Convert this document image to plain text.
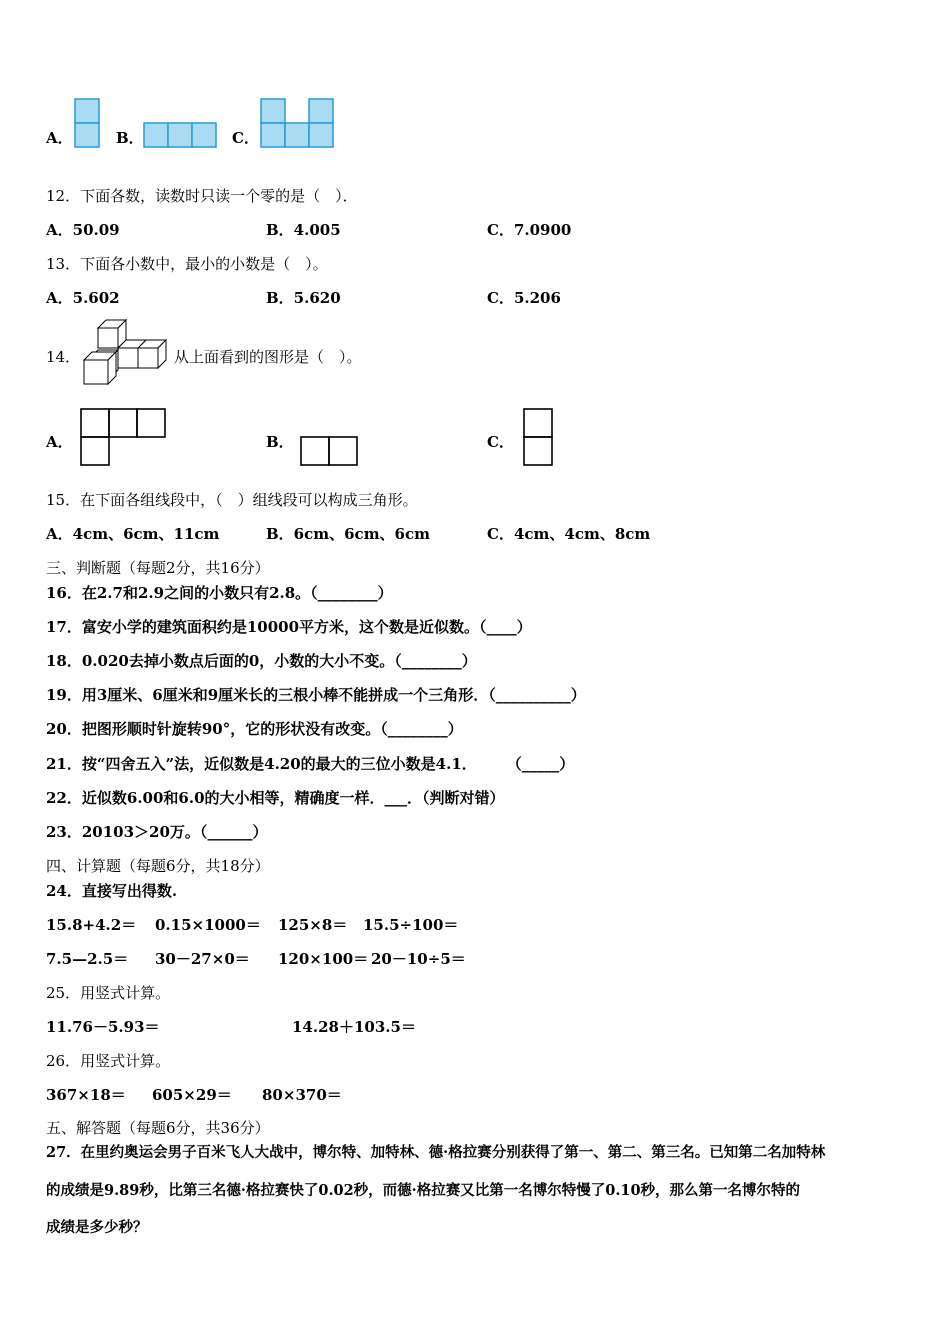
A．	B．	C．
12．下面各数，读数时只读一个零的是（　）．
A．50.09	B．4.005	C．7.0900
13．下面各小数中，最小的小数是（　）。
A．5.602	B．5.620	C．5.206
14．	从上面看到的图形是（　）。
A．	B．	C．
15．在下面各组线段中，（　）组线段可以构成三角形。
A．4cm、6cm、11cm	B．6cm、6cm、6cm	C．4cm、4cm、8cm
三、判断题（每题2分，共16分）
16．在2.7和2.9之间的小数只有2.8。（________）
17．富安小学的建筑面积约是10000平方米，这个数是近似数。（____）
18．0.020去掉小数点后面的0，小数的大小不变。（________）
19．用3厘米、6厘米和9厘米长的三根小棒不能拼成一个三角形．（__________）
20．把图形顺时针旋转90°，它的形状没有改变。（________）
21．按“四舍五入”法，近似数是4.20的最大的三位小数是4.1．　　　（_____）
22．近似数6.00和6.0的大小相等，精确度一样．___．（判断对错）
23．20103＞20万。（______）
四、计算题（每题6分，共18分）
24．直接写出得数.
15.8+4.2＝ 0.15×1000＝ 125×8＝ 15.5÷100＝
7.5—2.5＝ 30－27×0＝ 120×100＝ 20－10÷5＝
25．用竖式计算。
11.76－5.93＝	14.28＋103.5＝
26．用竖式计算。
367×18＝ 605×29＝ 80×370＝
五、解答题（每题6分，共36分）
27．在里约奥运会男子百米飞人大战中，博尔特、加特林、德·格拉赛分别获得了第一、第二、第三名。已知第二名加特林
的成绩是9.89秒，比第三名德·格拉赛快了0.02秒，而德·格拉赛又比第一名博尔特慢了0.10秒，那么第一名博尔特的
成绩是多少秒？
